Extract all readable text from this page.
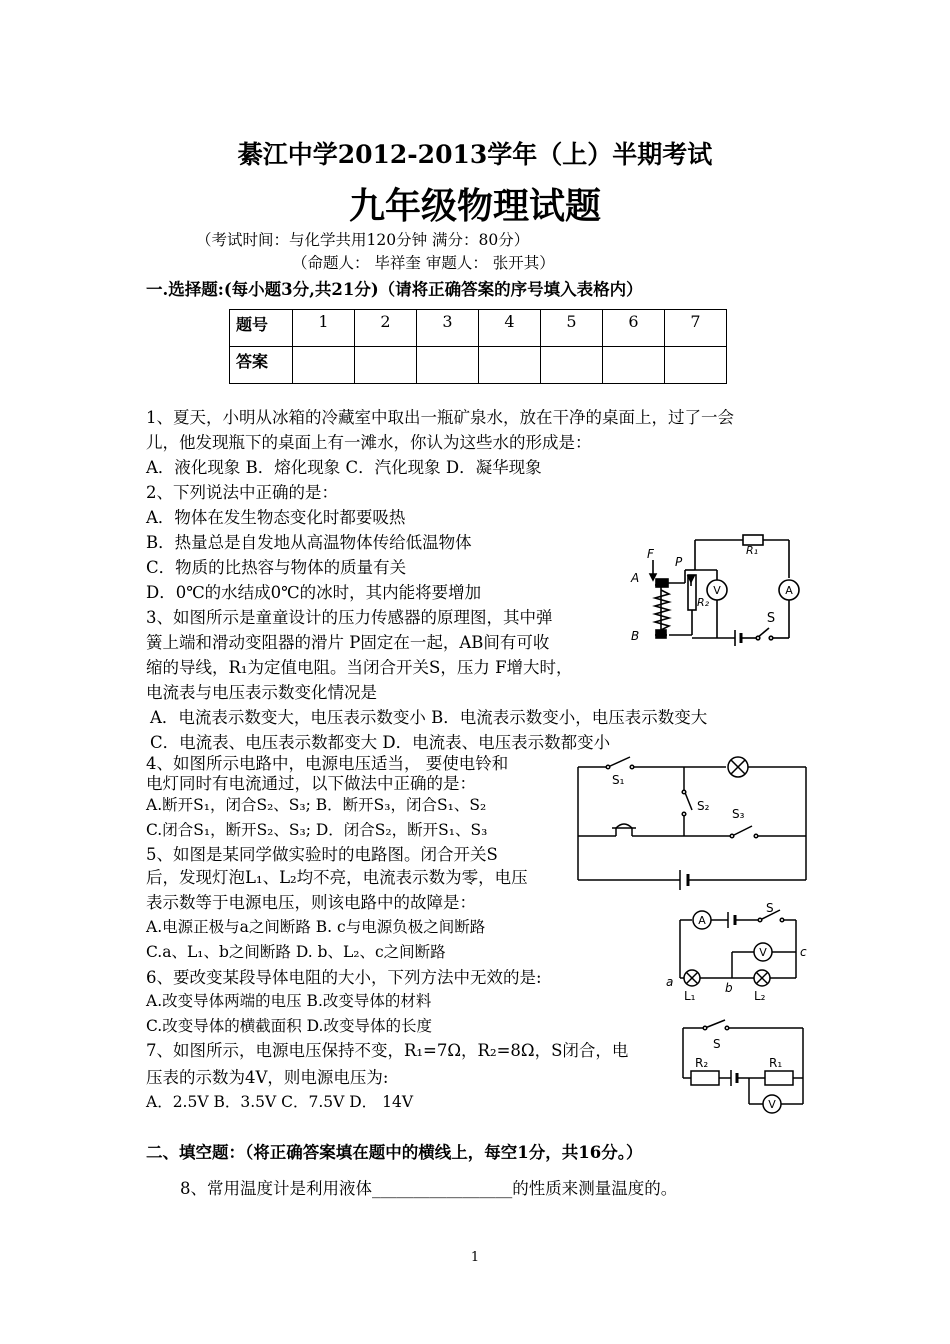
綦江中学2012-2013学年（上）半期考试
九年级物理试题
（考试时间：与化学共用120分钟 满分：80分）
（命题人： 毕祥奎 审题人： 张开其）
一.选择题:(每小题3分,共21分)（请将正确答案的序号填入表格内）
题号	1	2	3	4	5	6	7
答案							
1、夏天，小明从冰箱的冷藏室中取出一瓶矿泉水，放在干净的桌面上，过了一会
儿，他发现瓶下的桌面上有一滩水，你认为这些水的形成是：
A．液化现象 B．熔化现象 C．汽化现象 D．凝华现象
2、下列说法中正确的是：
A．物体在发生物态变化时都要吸热
B．热量总是自发地从高温物体传给低温物体
C．物质的比热容与物体的质量有关
D．0℃的水结成0℃的冰时，其内能将要增加
3、如图所示是童童设计的压力传感器的原理图，其中弹
簧上端和滑动变阻器的滑片 P固定在一起，AB间有可收
缩的导线，R₁为定值电阻。当闭合开关S，压力 F增大时，
电流表与电压表示数变化情况是
A．电流表示数变大，电压表示数变小 B．电流表示数变小，电压表示数变大
C．电流表、电压表示数都变大 D．电流表、电压表示数都变小
4、如图所示电路中，电源电压适当， 要使电铃和
电灯同时有电流通过，以下做法中正确的是：
A.断开S₁，闭合S₂、S₃; B．断开S₃，闭合S₁、S₂
C.闭合S₁，断开S₂、S₃; D．闭合S₂，断开S₁、S₃
5、如图是某同学做实验时的电路图。闭合开关S
后，发现灯泡L₁、L₂均不亮，电流表示数为零，电压
表示数等于电源电压，则该电路中的故障是：
A.电源正极与a之间断路 B. c与电源负极之间断路
C.a、L₁、b之间断路 D. b、L₂、c之间断路
6、要改变某段导体电阻的大小，下列方法中无效的是:
A.改变导体两端的电压 B.改变导体的材料
C.改变导体的横截面积 D.改变导体的长度
7、如图所示，电源电压保持不变，R₁=7Ω，R₂=8Ω，S闭合，电
压表的示数为4V，则电源电压为:
A．2.5V B．3.5V C．7.5V D． 14V
二、填空题：（将正确答案填在题中的横线上，每空1分，共16分。）
8、常用温度计是利用液体_________________的性质来测量温度的。
1
F
P
A
B
R₁
R₂
V	A
S
S₁
S₂
S₃
A
V
S
a	b
c
L₁	L₂
S
R₂	R₁
V
